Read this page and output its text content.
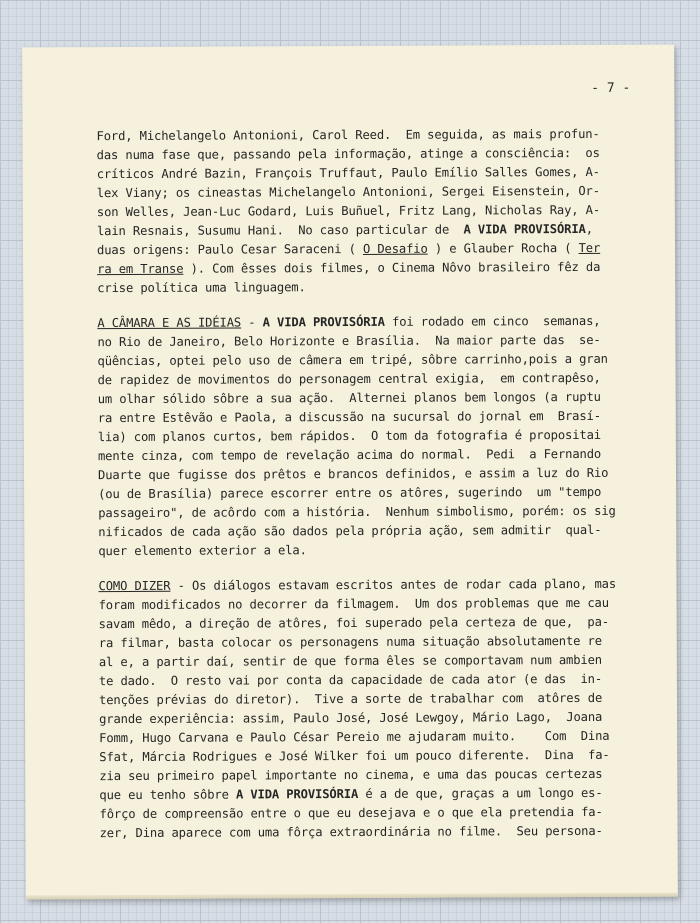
- 7 -
Ford, Michelangelo Antonioni, Carol Reed.  Em seguida, as mais profun-
das numa fase que, passando pela informação, atinge a consciência:  os
críticos André Bazin, François Truffaut, Paulo Emílio Salles Gomes, A-
lex Viany; os cineastas Michelangelo Antonioni, Sergei Eisenstein, Or-
son Welles, Jean-Luc Godard, Luis Buñuel, Fritz Lang, Nicholas Ray, A-
lain Resnais, Susumu Hani.  No caso particular de  A VIDA PROVISÓRIA,
duas origens: Paulo Cesar Saraceni ( O Desafio ) e Glauber Rocha ( Ter
ra em Transe ). Com êsses dois filmes, o Cinema Nôvo brasileiro fêz da
crise política uma linguagem.
A CÂMARA E AS IDÉIAS - A VIDA PROVISÓRIA foi rodado em cinco  semanas,
no Rio de Janeiro, Belo Horizonte e Brasília.  Na maior parte das  se-
qüências, optei pelo uso de câmera em tripé, sôbre carrinho,pois a gran
de rapidez de movimentos do personagem central exigia,  em contrapêso,
um olhar sólido sôbre a sua ação.  Alternei planos bem longos (a ruptu
ra entre Estêvão e Paola, a discussão na sucursal do jornal em  Brasí-
lia) com planos curtos, bem rápidos.  O tom da fotografia é propositai
mente cinza, com tempo de revelação acima do normal.  Pedi  a Fernando
Duarte que fugisse dos prêtos e brancos definidos, e assim a luz do Rio
(ou de Brasília) parece escorrer entre os atôres, sugerindo  um "tempo
passageiro", de acôrdo com a história.  Nenhum simbolismo, porém: os sig
nificados de cada ação são dados pela própria ação, sem admitir  qual-
quer elemento exterior a ela.
COMO DIZER - Os diálogos estavam escritos antes de rodar cada plano, mas
foram modificados no decorrer da filmagem.  Um dos problemas que me cau
savam mêdo, a direção de atôres, foi superado pela certeza de que,  pa-
ra filmar, basta colocar os personagens numa situação absolutamente re
al e, a partir daí, sentir de que forma êles se comportavam num ambien
te dado.  O resto vai por conta da capacidade de cada ator (e das  in-
tenções prévias do diretor).  Tive a sorte de trabalhar com  atôres de
grande experiência: assim, Paulo José, José Lewgoy, Mário Lago,  Joana
Fomm, Hugo Carvana e Paulo César Pereio me ajudaram muito.    Com  Dina
Sfat, Márcia Rodrigues e José Wilker foi um pouco diferente.  Dina  fa-
zia seu primeiro papel importante no cinema, e uma das poucas certezas
que eu tenho sôbre A VIDA PROVISÓRIA é a de que, graças a um longo es-
fôrço de compreensão entre o que eu desejava e o que ela pretendia fa-
zer, Dina aparece com uma fôrça extraordinária no filme.  Seu persona-
